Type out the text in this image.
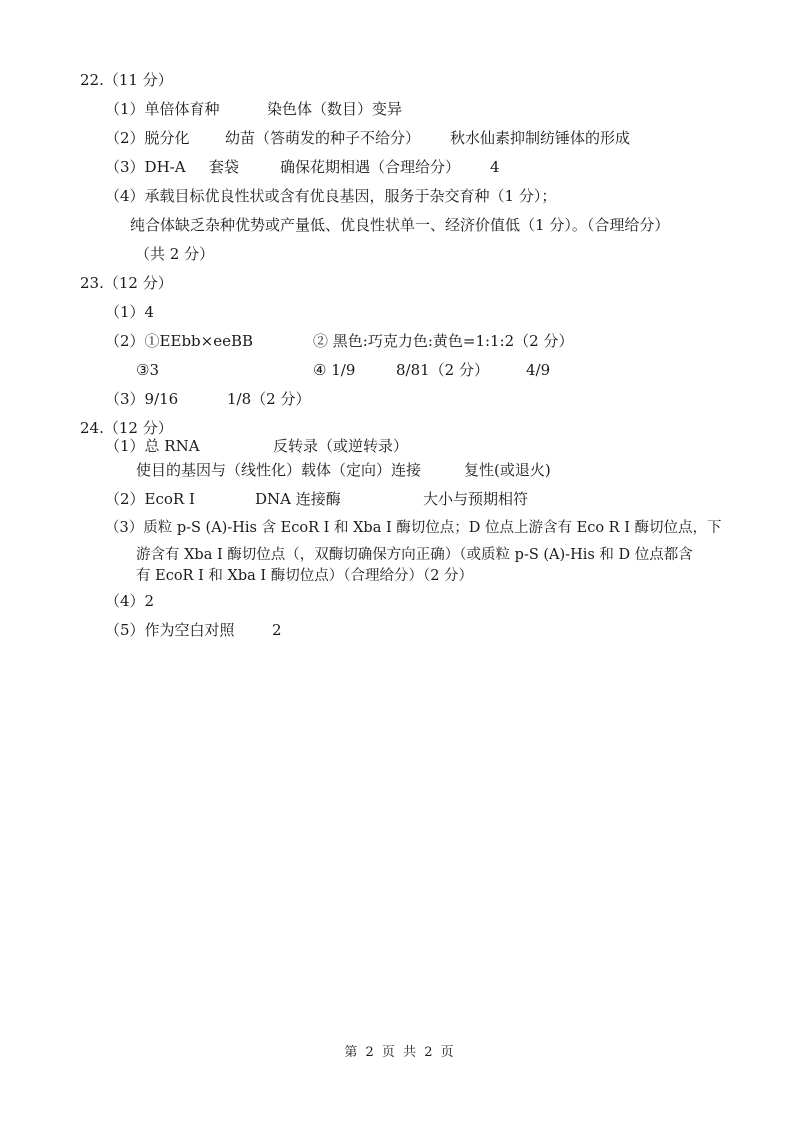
22.（11 分）
（1）单倍体育种	染色体（数目）变异
（2）脱分化 幼苗（答萌发的种子不给分） 秋水仙素抑制纺锤体的形成
（3）DH-A 套袋	确保花期相遇（合理给分） 4
（4）承载目标优良性状或含有优良基因，服务于杂交育种（1 分）；
纯合体缺乏杂种优势或产量低、优良性状单一、经济价值低（1 分）。（合理给分）
（共 2 分）
23.（12 分）
（1）4
（2）①EEbb×eeBB	② 黑色:巧克力色:黄色=1:1:2（2 分）
③3	④ 1/9	8/81（2 分） 4/9
（3）9/16	1/8（2 分）
24.（12 分）
（1）总 RNA	反转录（或逆转录）
使目的基因与（线性化）载体（定向）连接	复性(或退火)
（2）EcoR I	DNA 连接酶	大小与预期相符
（3）质粒 p-S (A)-His 含 EcoR I 和 Xba I 酶切位点；D 位点上游含有 Eco R I 酶切位点，下
游含有 Xba I 酶切位点（，双酶切确保方向正确）（或质粒 p-S (A)-His 和 D 位点都含
有 EcoR I 和 Xba I 酶切位点）（合理给分）（2 分）
（4）2
（5）作为空白对照 2
第 2 页 共 2 页
